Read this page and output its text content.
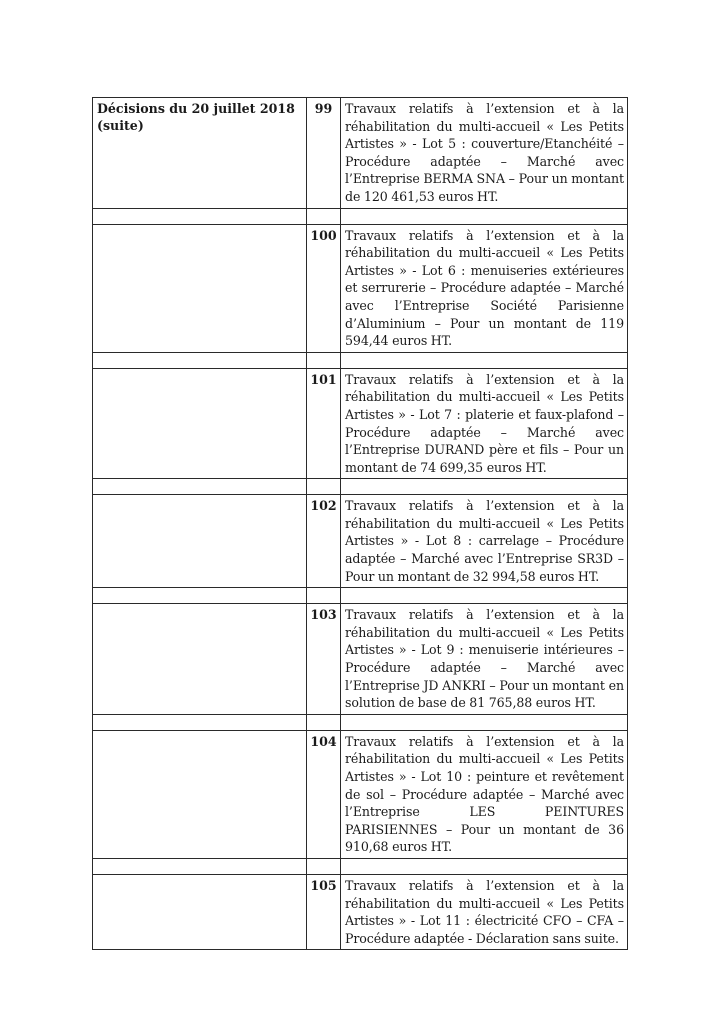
Décisions du 20 juillet 2018 (suite)	99	Travaux relatifs à l’extension et à la réhabilitation du multi-accueil « Les Petits Artistes » - Lot 5 : couverture/Etanchéité – Procédure adaptée – Marché avec l’Entreprise BERMA SNA – Pour un montant de 120 461,53 euros HT.

	100	Travaux relatifs à l’extension et à la réhabilitation du multi-accueil « Les Petits Artistes » - Lot 6 : menuiseries extérieures et serrurerie – Procédure adaptée – Marché avec l’Entreprise Société Parisienne d’Aluminium – Pour un montant de 119 594,44 euros HT.

	101	Travaux relatifs à l’extension et à la réhabilitation du multi-accueil « Les Petits Artistes » - Lot 7 : platerie et faux-plafond – Procédure adaptée – Marché avec l’Entreprise DURAND père et fils – Pour un montant de 74 699,35 euros HT.

	102	Travaux relatifs à l’extension et à la réhabilitation du multi-accueil « Les Petits Artistes » - Lot 8 : carrelage – Procédure adaptée – Marché avec l’Entreprise SR3D – Pour un montant de 32 994,58 euros HT.

	103	Travaux relatifs à l’extension et à la réhabilitation du multi-accueil « Les Petits Artistes » - Lot 9 : menuiserie intérieures – Procédure adaptée – Marché avec l’Entreprise JD ANKRI – Pour un montant en solution de base de 81 765,88 euros HT.

	104	Travaux relatifs à l’extension et à la réhabilitation du multi-accueil « Les Petits Artistes » - Lot 10 : peinture et revêtement de sol – Procédure adaptée – Marché avec l’Entreprise LES PEINTURES PARISIENNES – Pour un montant de 36 910,68 euros HT.

	105	Travaux relatifs à l’extension et à la réhabilitation du multi-accueil « Les Petits Artistes » - Lot 11 : électricité CFO – CFA – Procédure adaptée - Déclaration sans suite.
